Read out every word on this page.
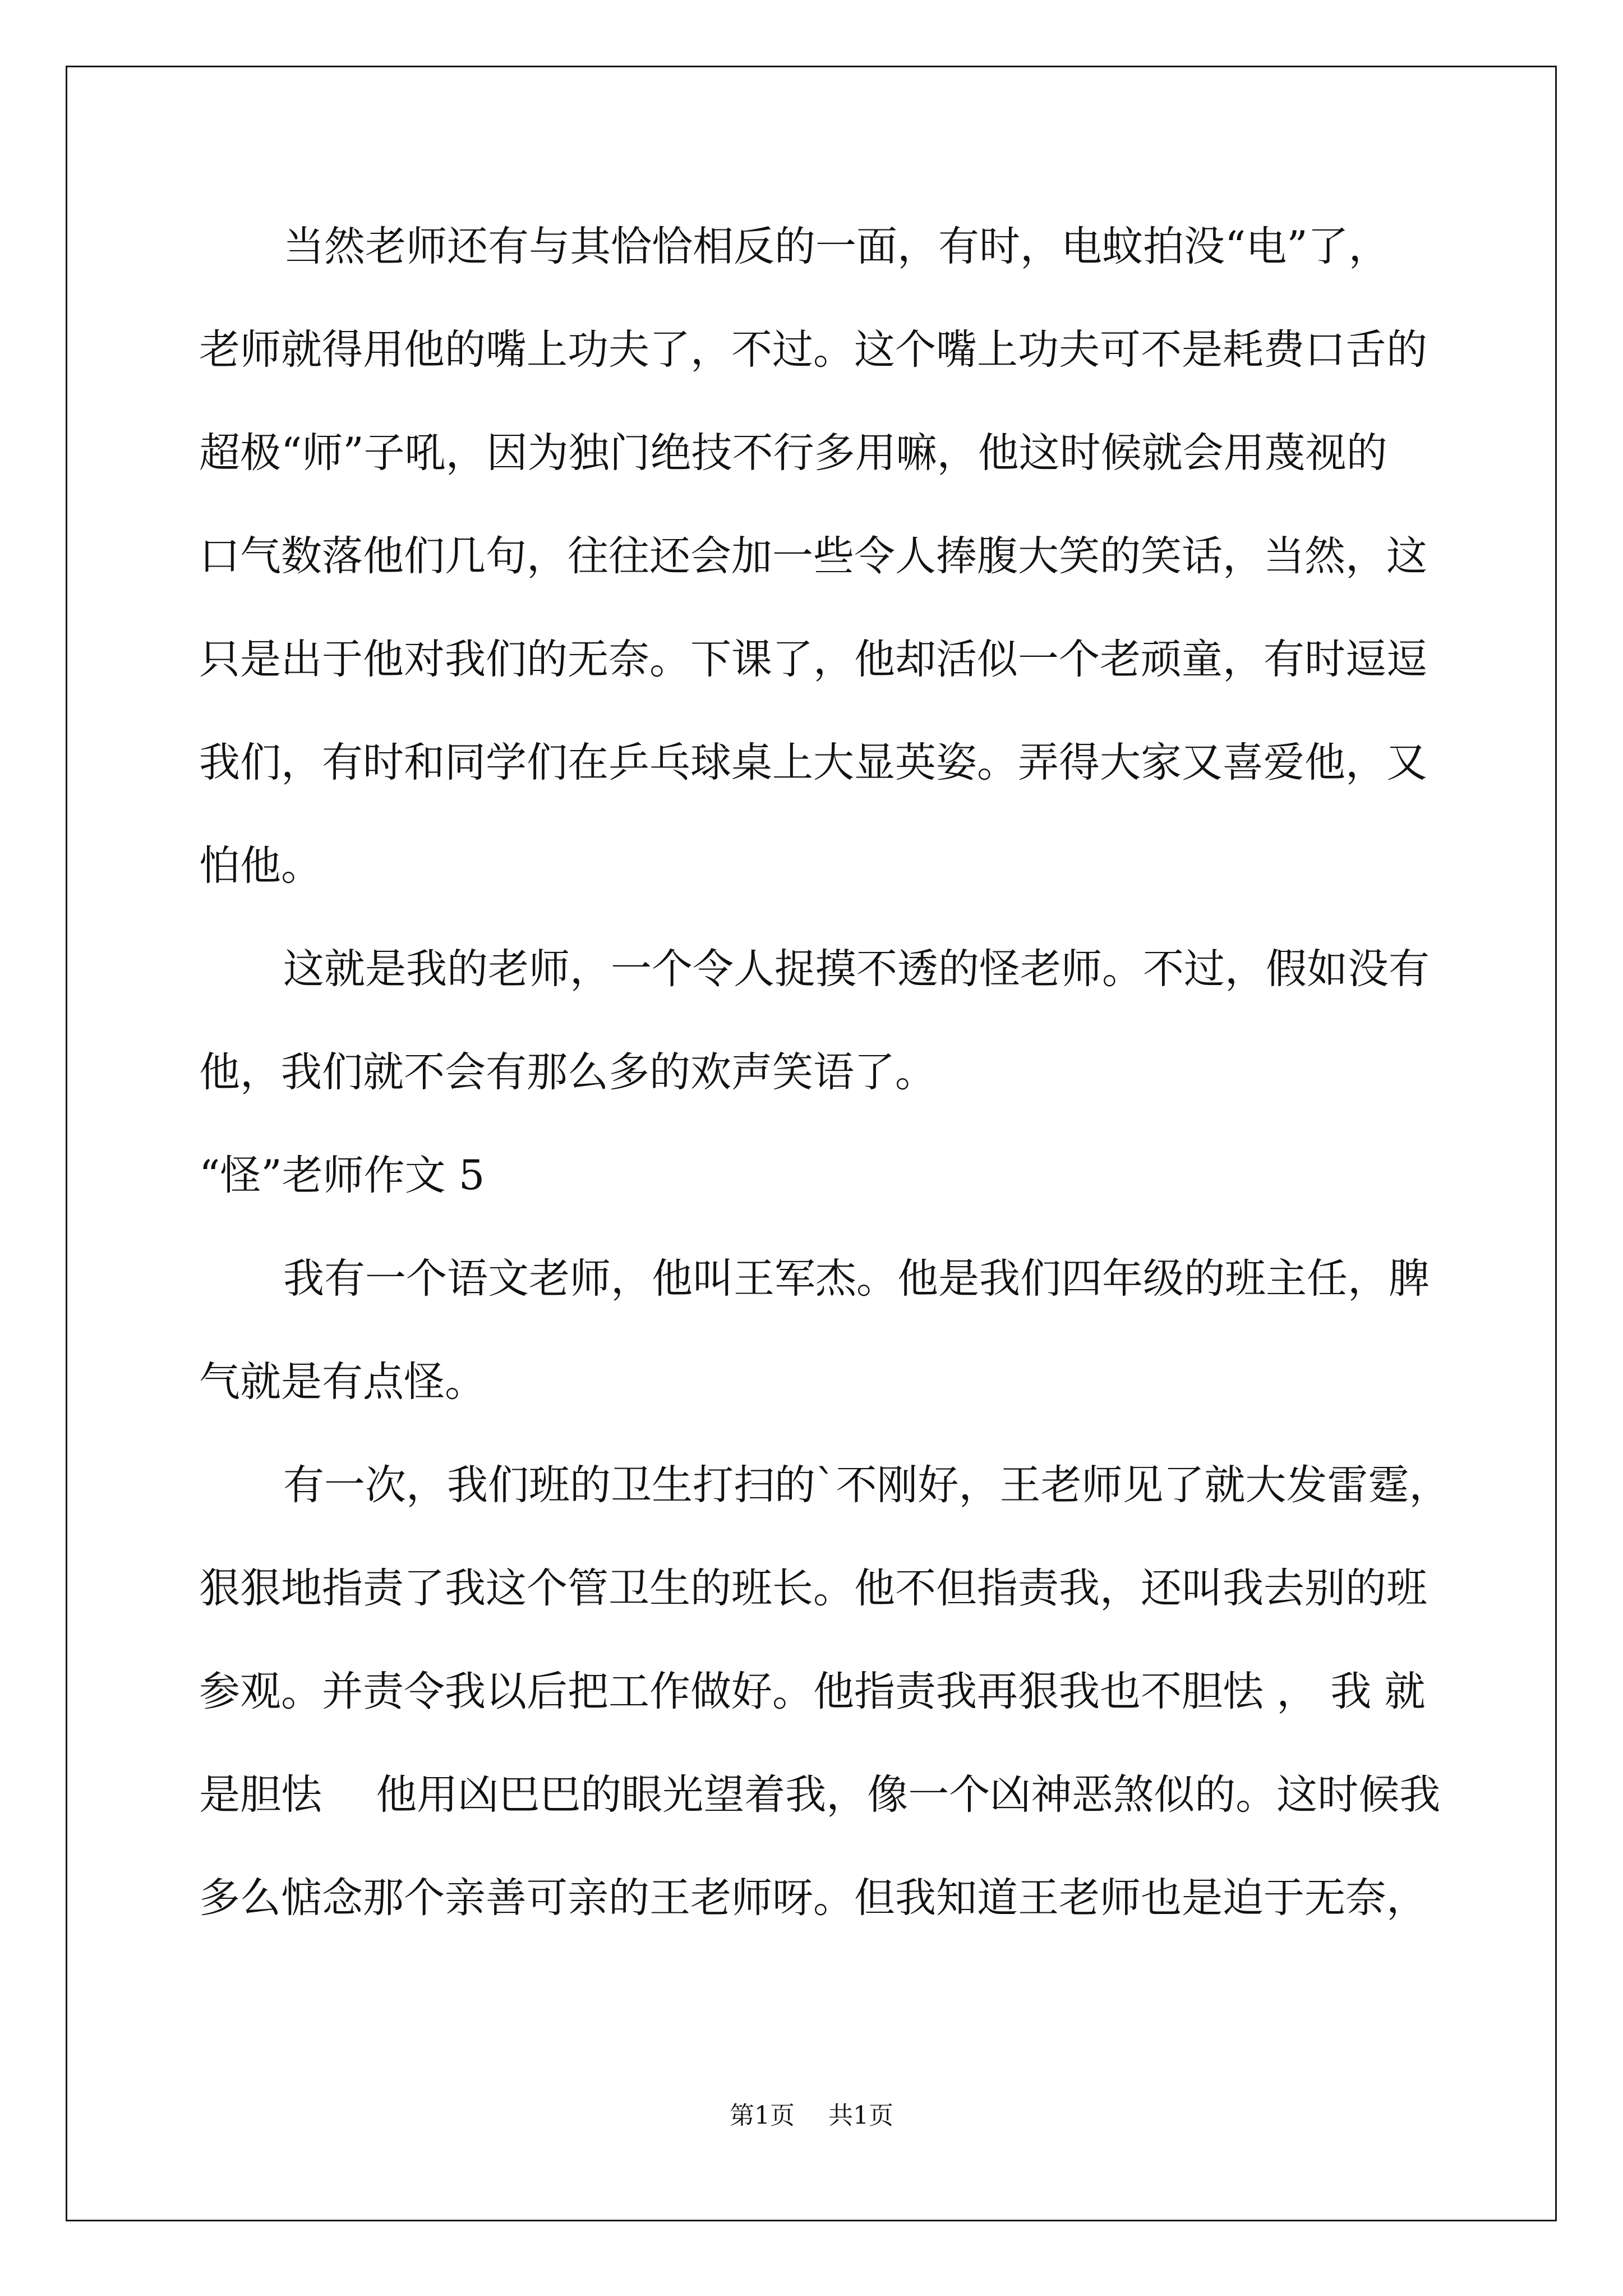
当然老师还有与其恰恰相反的一面，有时，电蚊拍没“电”了，
老师就得用他的嘴上功夫了，不过。这个嘴上功夫可不是耗费口舌的
超极“师”子吼，因为独门绝技不行多用嘛，他这时候就会用蔑视的
口气数落他们几句，往往还会加一些令人捧腹大笑的笑话，当然，这
只是出于他对我们的无奈。下课了，他却活似一个老顽童，有时逗逗
我们，有时和同学们在乒乓球桌上大显英姿。弄得大家又喜爱他，又
怕他。
这就是我的老师，一个令人捉摸不透的怪老师。不过，假如没有
他，我们就不会有那么多的欢声笑语了。
“怪”老师作文 5
我有一个语文老师，他叫王军杰。他是我们四年级的班主任，脾
气就是有点怪。
有一次，我们班的卫生打扫的`不刚好，王老师见了就大发雷霆，
狠狠地指责了我这个管卫生的班长。他不但指责我，还叫我去别的班
参观。并责令我以后把工作做好。他指责我再狠我也不胆怯 ， 我 就
是胆怯　 他用凶巴巴的眼光望着我，像一个凶神恶煞似的。这时候我
多么惦念那个亲善可亲的王老师呀。但我知道王老师也是迫于无奈，
第1页 共1页
